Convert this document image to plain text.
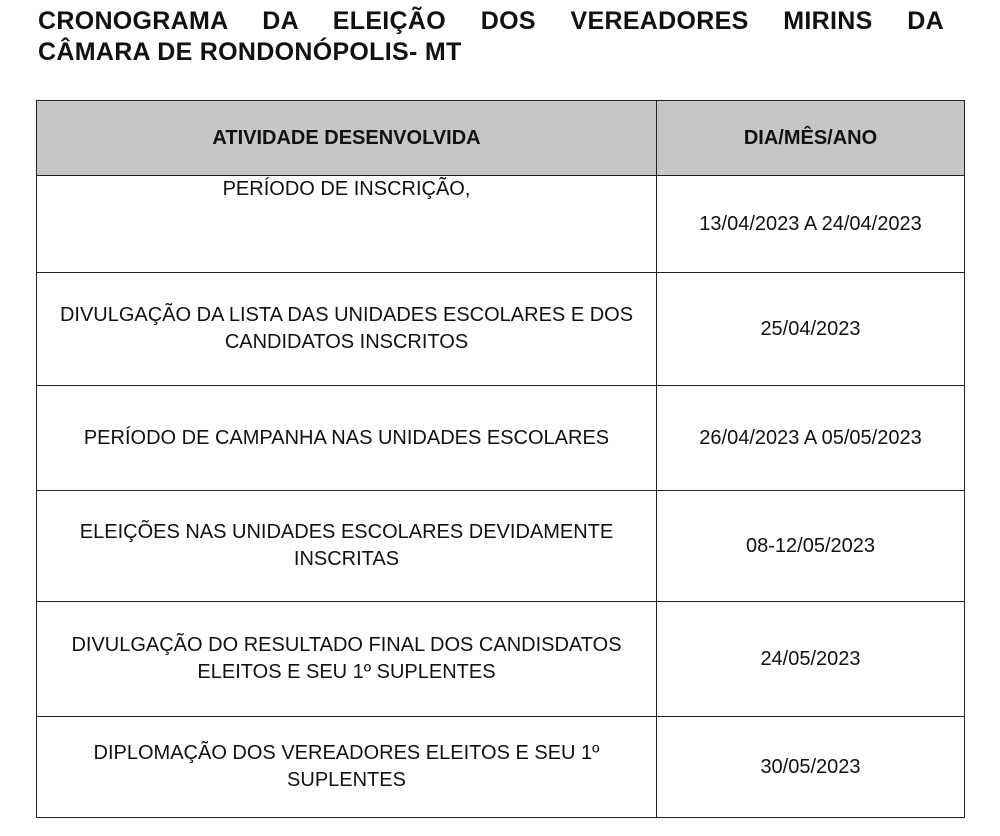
CRONOGRAMA DA ELEIÇÃO DOS VEREADORES MIRINS DA
CÂMARA DE RONDONÓPOLIS- MT
ATIVIDADE DESENVOLVIDA	DIA/MÊS/ANO
PERÍODO DE INSCRIÇÃO,	13/04/2023 A 24/04/2023
DIVULGAÇÃO DA LISTA DAS UNIDADES ESCOLARES E DOS CANDIDATOS INSCRITOS	25/04/2023
PERÍODO DE CAMPANHA NAS UNIDADES ESCOLARES	26/04/2023 A 05/05/2023
ELEIÇÕES NAS UNIDADES ESCOLARES DEVIDAMENTE INSCRITAS	08-12/05/2023
DIVULGAÇÃO DO RESULTADO FINAL DOS CANDISDATOS ELEITOS E SEU 1º SUPLENTES	24/05/2023
DIPLOMAÇÃO DOS VEREADORES ELEITOS E SEU 1º SUPLENTES	30/05/2023
